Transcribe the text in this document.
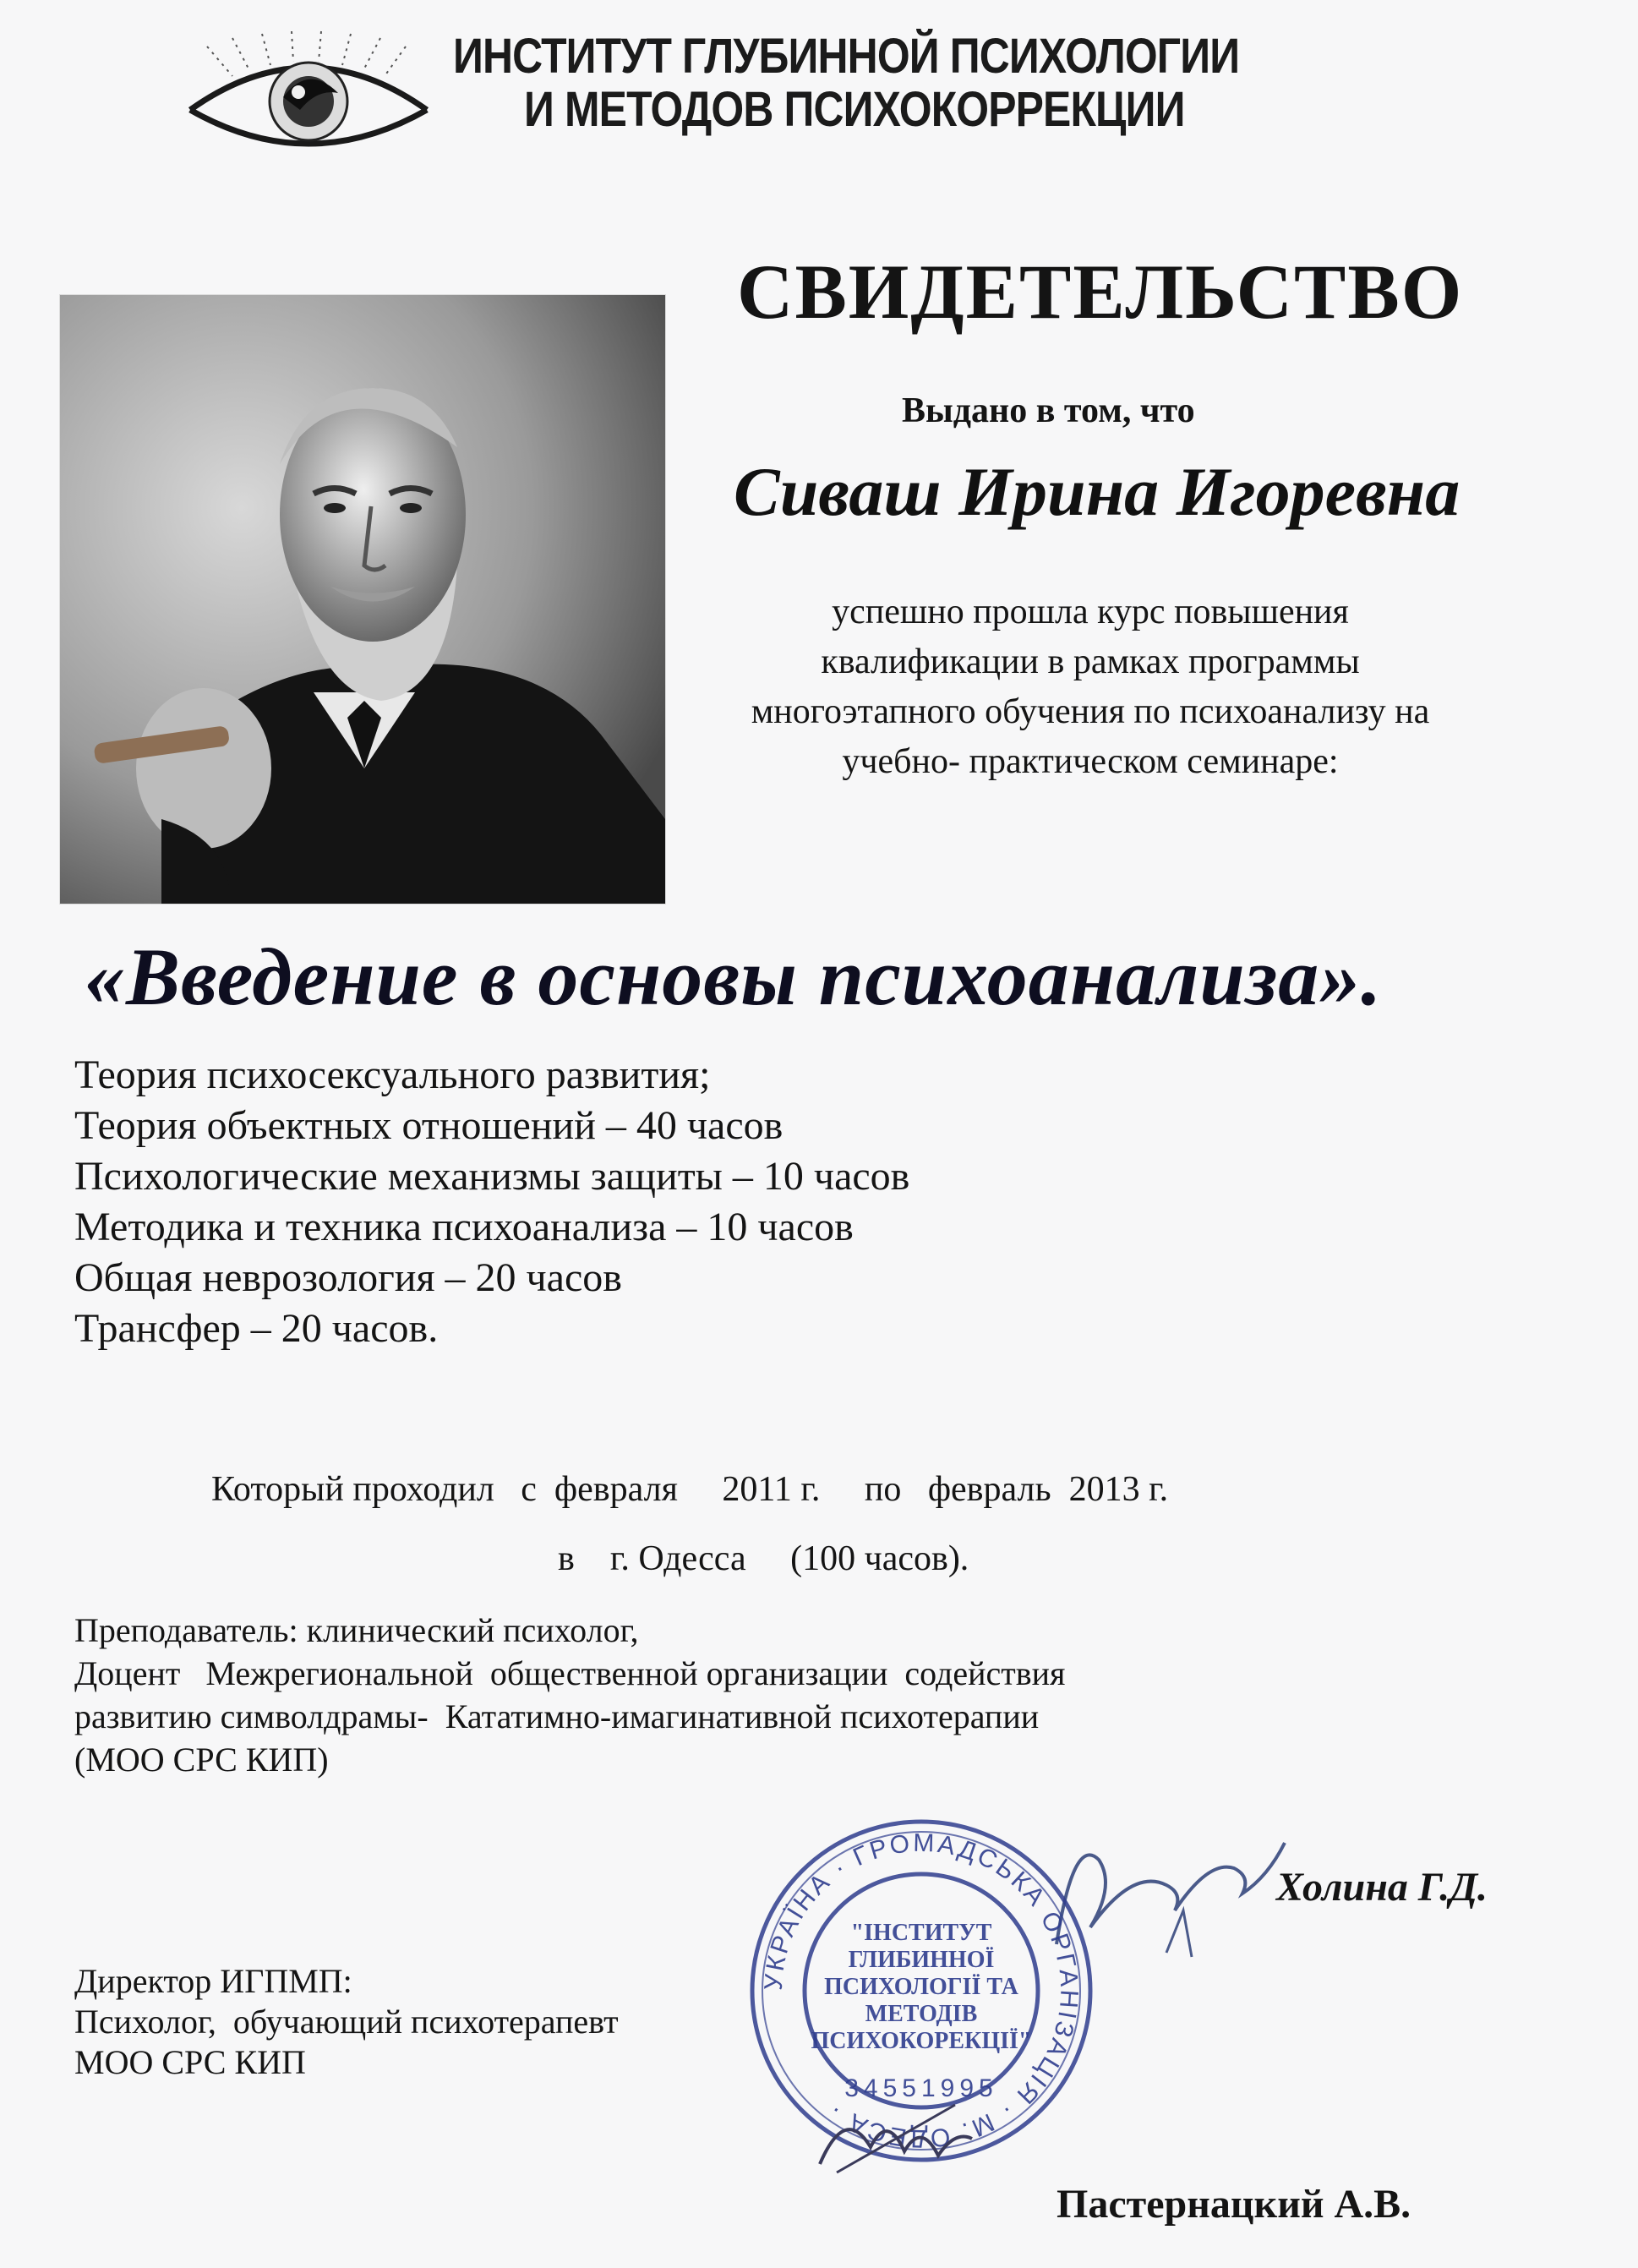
ИНСТИТУТ ГЛУБИННОЙ ПСИХОЛОГИИ
И МЕТОДОВ ПСИХОКОРРЕКЦИИ
СВИДЕТЕЛЬСТВО
Выдано в том, что
Сиваш Ирина Игоревна
успешно прошла курс повышения
квалификации в рамках программы
многоэтапного обучения по психоанализу на
учебно- практическом семинаре:
«Введение в основы психоанализа».
Теория психосексуального развития;
Теория объектных отношений – 40 часов
Психологические механизмы защиты – 10 часов
Методика и техника психоанализа – 10 часов
Общая неврозология – 20 часов
Трансфер – 20 часов.
Который проходил   с  февраля     2011 г.     по   февраль  2013 г.
в    г. Одесса     (100 часов).
Преподаватель: клинический психолог,
Доцент   Межрегиональной  общественной организации  содействия
развитию символдрамы-  Кататимно-имагинативной психотерапии
(МОО СРС КИП)
Холина Г.Д.
УКРАЇНА · ГРОМАДСЬКА ОРГАНІЗАЦІЯ · М. ОДЕСА ·
"ІНСТИТУТ
ГЛИБИННОЇ
ПСИХОЛОГІЇ ТА
МЕТОДІВ
ПСИХОКОРЕКЦІЇ"
34551995
Директор ИГПМП:
Психолог,  обучающий психотерапевт
МОО СРС КИП
Пастернацкий А.В.
